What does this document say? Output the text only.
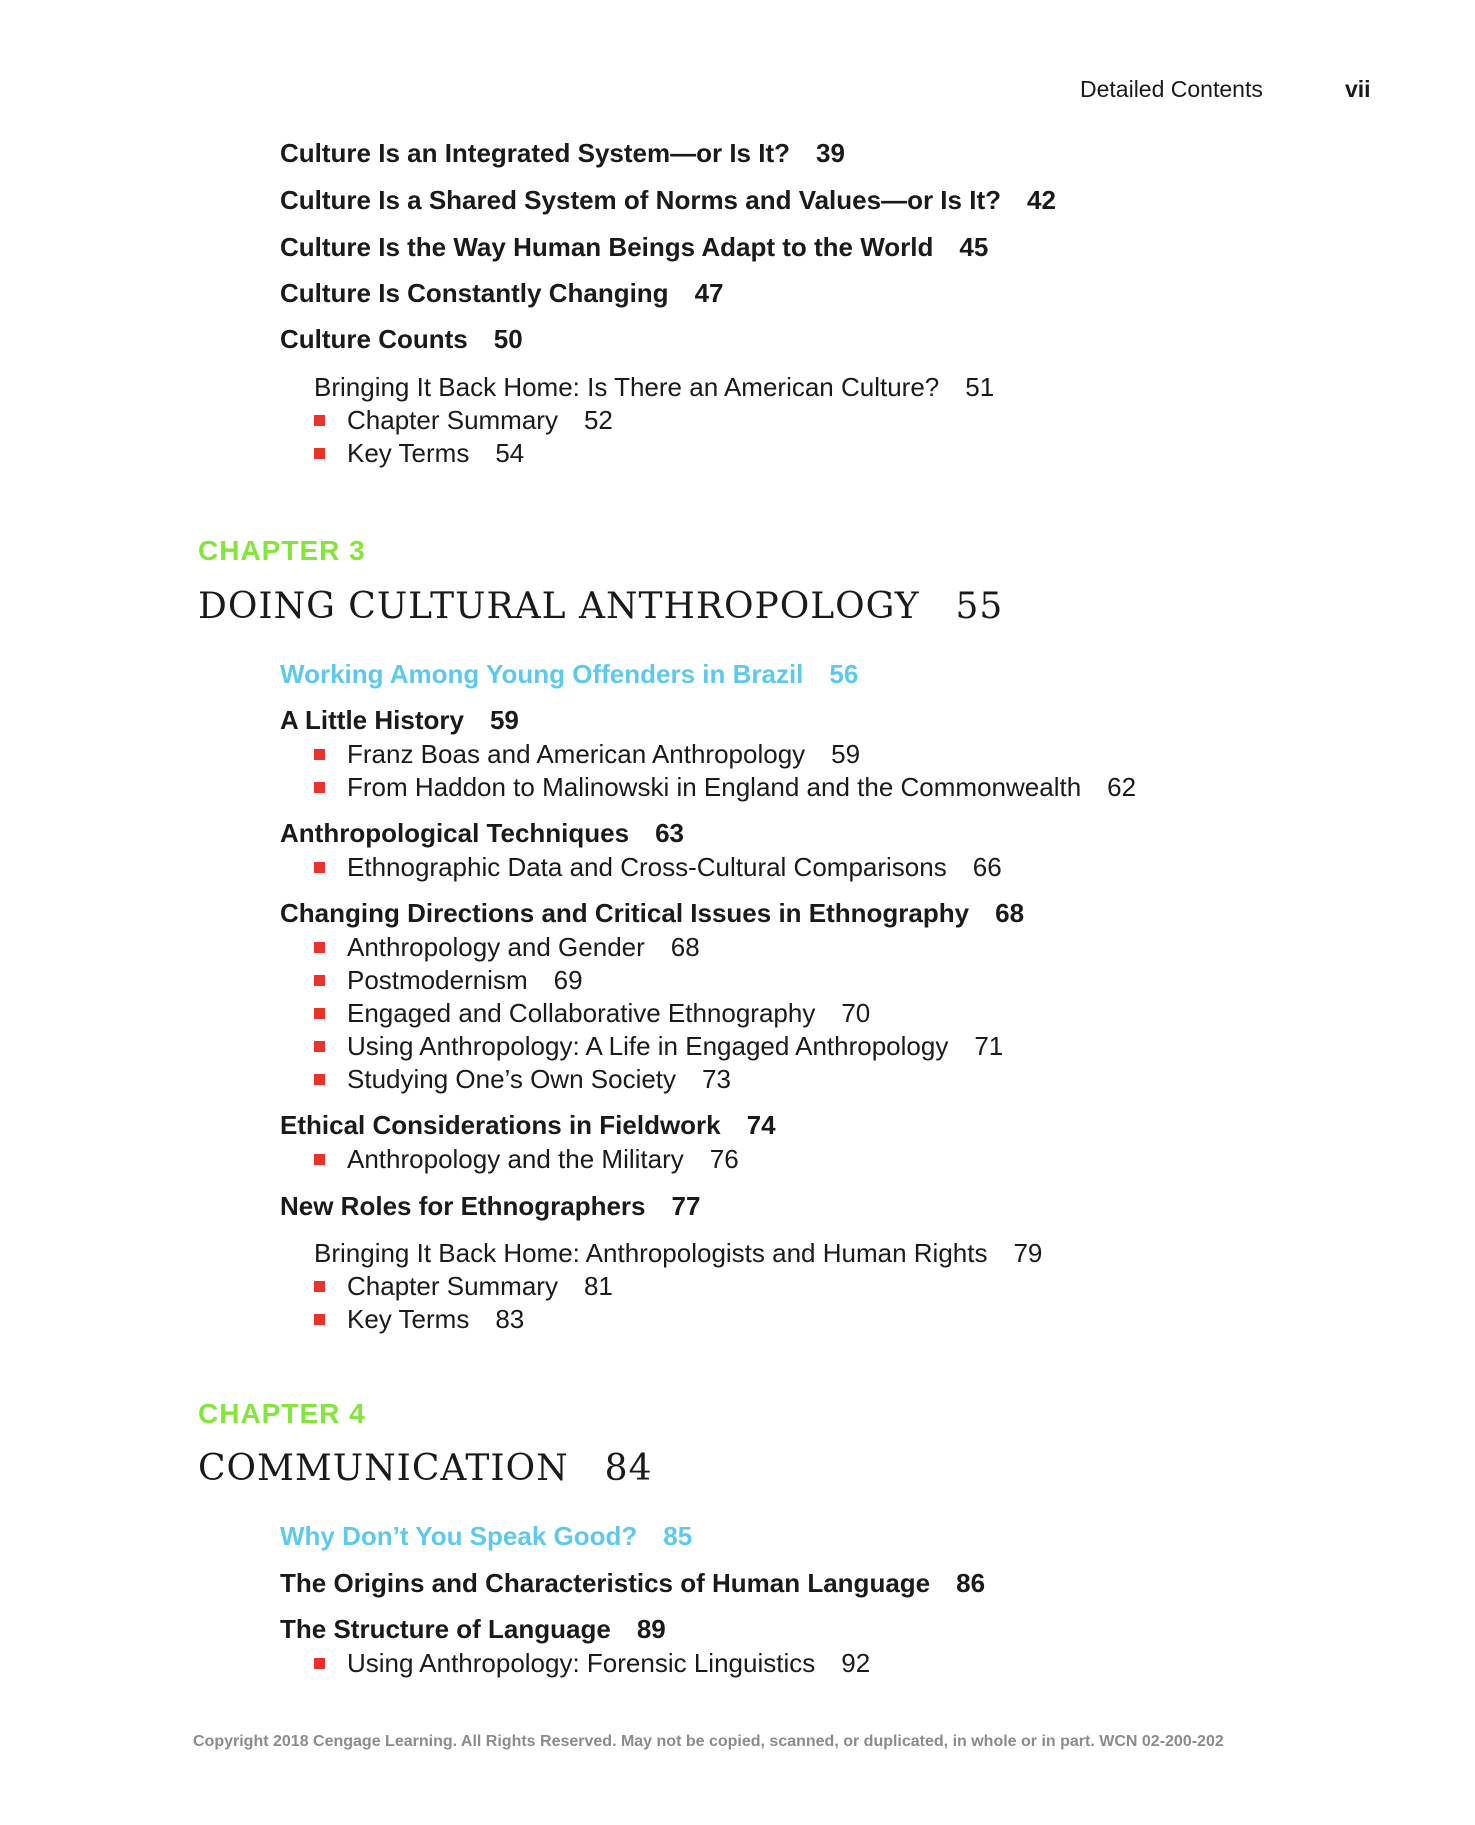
Detailed Contents	vii
Culture Is an Integrated System—or Is It? 39
Culture Is a Shared System of Norms and Values—or Is It? 42
Culture Is the Way Human Beings Adapt to the World 45
Culture Is Constantly Changing 47
Culture Counts 50
Bringing It Back Home: Is There an American Culture? 51
Chapter Summary 52
Key Terms 54
CHAPTER 3
DOING CULTURAL ANTHROPOLOGY 55
Working Among Young Offenders in Brazil 56
A Little History 59
Franz Boas and American Anthropology 59
From Haddon to Malinowski in England and the Commonwealth 62
Anthropological Techniques 63
Ethnographic Data and Cross-Cultural Comparisons 66
Changing Directions and Critical Issues in Ethnography 68
Anthropology and Gender 68
Postmodernism 69
Engaged and Collaborative Ethnography 70
Using Anthropology: A Life in Engaged Anthropology 71
Studying One’s Own Society 73
Ethical Considerations in Fieldwork 74
Anthropology and the Military 76
New Roles for Ethnographers 77
Bringing It Back Home: Anthropologists and Human Rights 79
Chapter Summary 81
Key Terms 83
CHAPTER 4
COMMUNICATION 84
Why Don’t You Speak Good? 85
The Origins and Characteristics of Human Language 86
The Structure of Language 89
Using Anthropology: Forensic Linguistics 92
Copyright 2018 Cengage Learning. All Rights Reserved. May not be copied, scanned, or duplicated, in whole or in part. WCN 02-200-202
